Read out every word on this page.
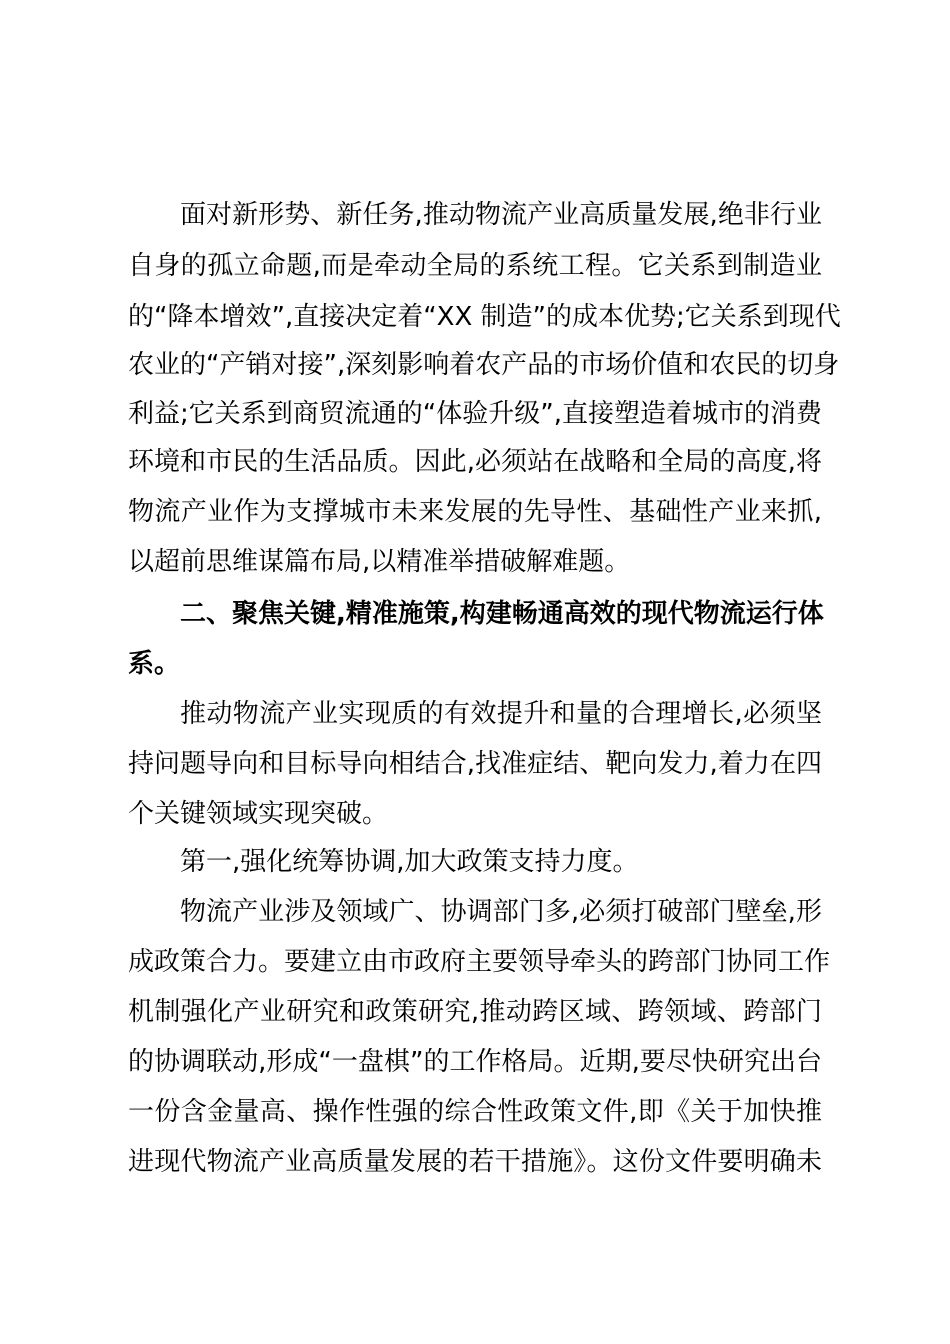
面对新形势、新任务,推动物流产业高质量发展,绝非行业
自身的孤立命题,而是牵动全局的系统工程。它关系到制造业
的“降本增效”,直接决定着“XX 制造”的成本优势;它关系到现代
农业的“产销对接”,深刻影响着农产品的市场价值和农民的切身
利益;它关系到商贸流通的“体验升级”,直接塑造着城市的消费
环境和市民的生活品质。因此,必须站在战略和全局的高度,将
物流产业作为支撑城市未来发展的先导性、基础性产业来抓,
以超前思维谋篇布局,以精准举措破解难题。
二、聚焦关键,精准施策,构建畅通高效的现代物流运行体
系。
推动物流产业实现质的有效提升和量的合理增长,必须坚
持问题导向和目标导向相结合,找准症结、靶向发力,着力在四
个关键领域实现突破。
第一,强化统筹协调,加大政策支持力度。
物流产业涉及领域广、协调部门多,必须打破部门壁垒,形
成政策合力。要建立由市政府主要领导牵头的跨部门协同工作
机制强化产业研究和政策研究,推动跨区域、跨领域、跨部门
的协调联动,形成“一盘棋”的工作格局。近期,要尽快研究出台
一份含金量高、操作性强的综合性政策文件,即《关于加快推
进现代物流产业高质量发展的若干措施》。这份文件要明确未
